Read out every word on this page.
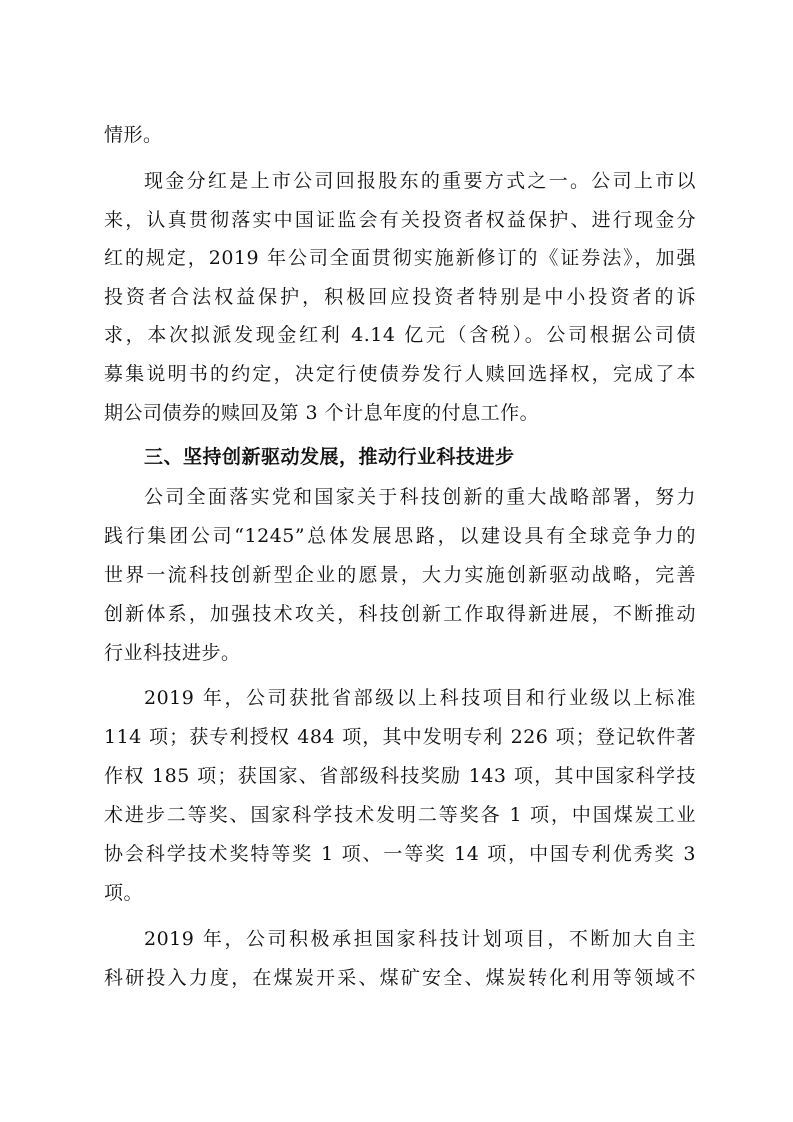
情形。
现金分红是上市公司回报股东的重要方式之一。公司上市以
来，认真贯彻落实中国证监会有关投资者权益保护、进行现金分
红的规定，2019 年公司全面贯彻实施新修订的《证券法》，加强
投资者合法权益保护，积极回应投资者特别是中小投资者的诉
求，本次拟派发现金红利 4.14 亿元（含税）。公司根据公司债
募集说明书的约定，决定行使债券发行人赎回选择权，完成了本
期公司债券的赎回及第 3 个计息年度的付息工作。
三、坚持创新驱动发展，推动行业科技进步
公司全面落实党和国家关于科技创新的重大战略部署，努力
践行集团公司“1245”总体发展思路，以建设具有全球竞争力的
世界一流科技创新型企业的愿景，大力实施创新驱动战略，完善
创新体系，加强技术攻关，科技创新工作取得新进展，不断推动
行业科技进步。
2019 年，公司获批省部级以上科技项目和行业级以上标准
114 项；获专利授权 484 项，其中发明专利 226 项；登记软件著
作权 185 项；获国家、省部级科技奖励 143 项，其中国家科学技
术进步二等奖、国家科学技术发明二等奖各 1 项，中国煤炭工业
协会科学技术奖特等奖 1 项、一等奖 14 项，中国专利优秀奖 3
项。
2019 年，公司积极承担国家科技计划项目，不断加大自主
科研投入力度，在煤炭开采、煤矿安全、煤炭转化利用等领域不
